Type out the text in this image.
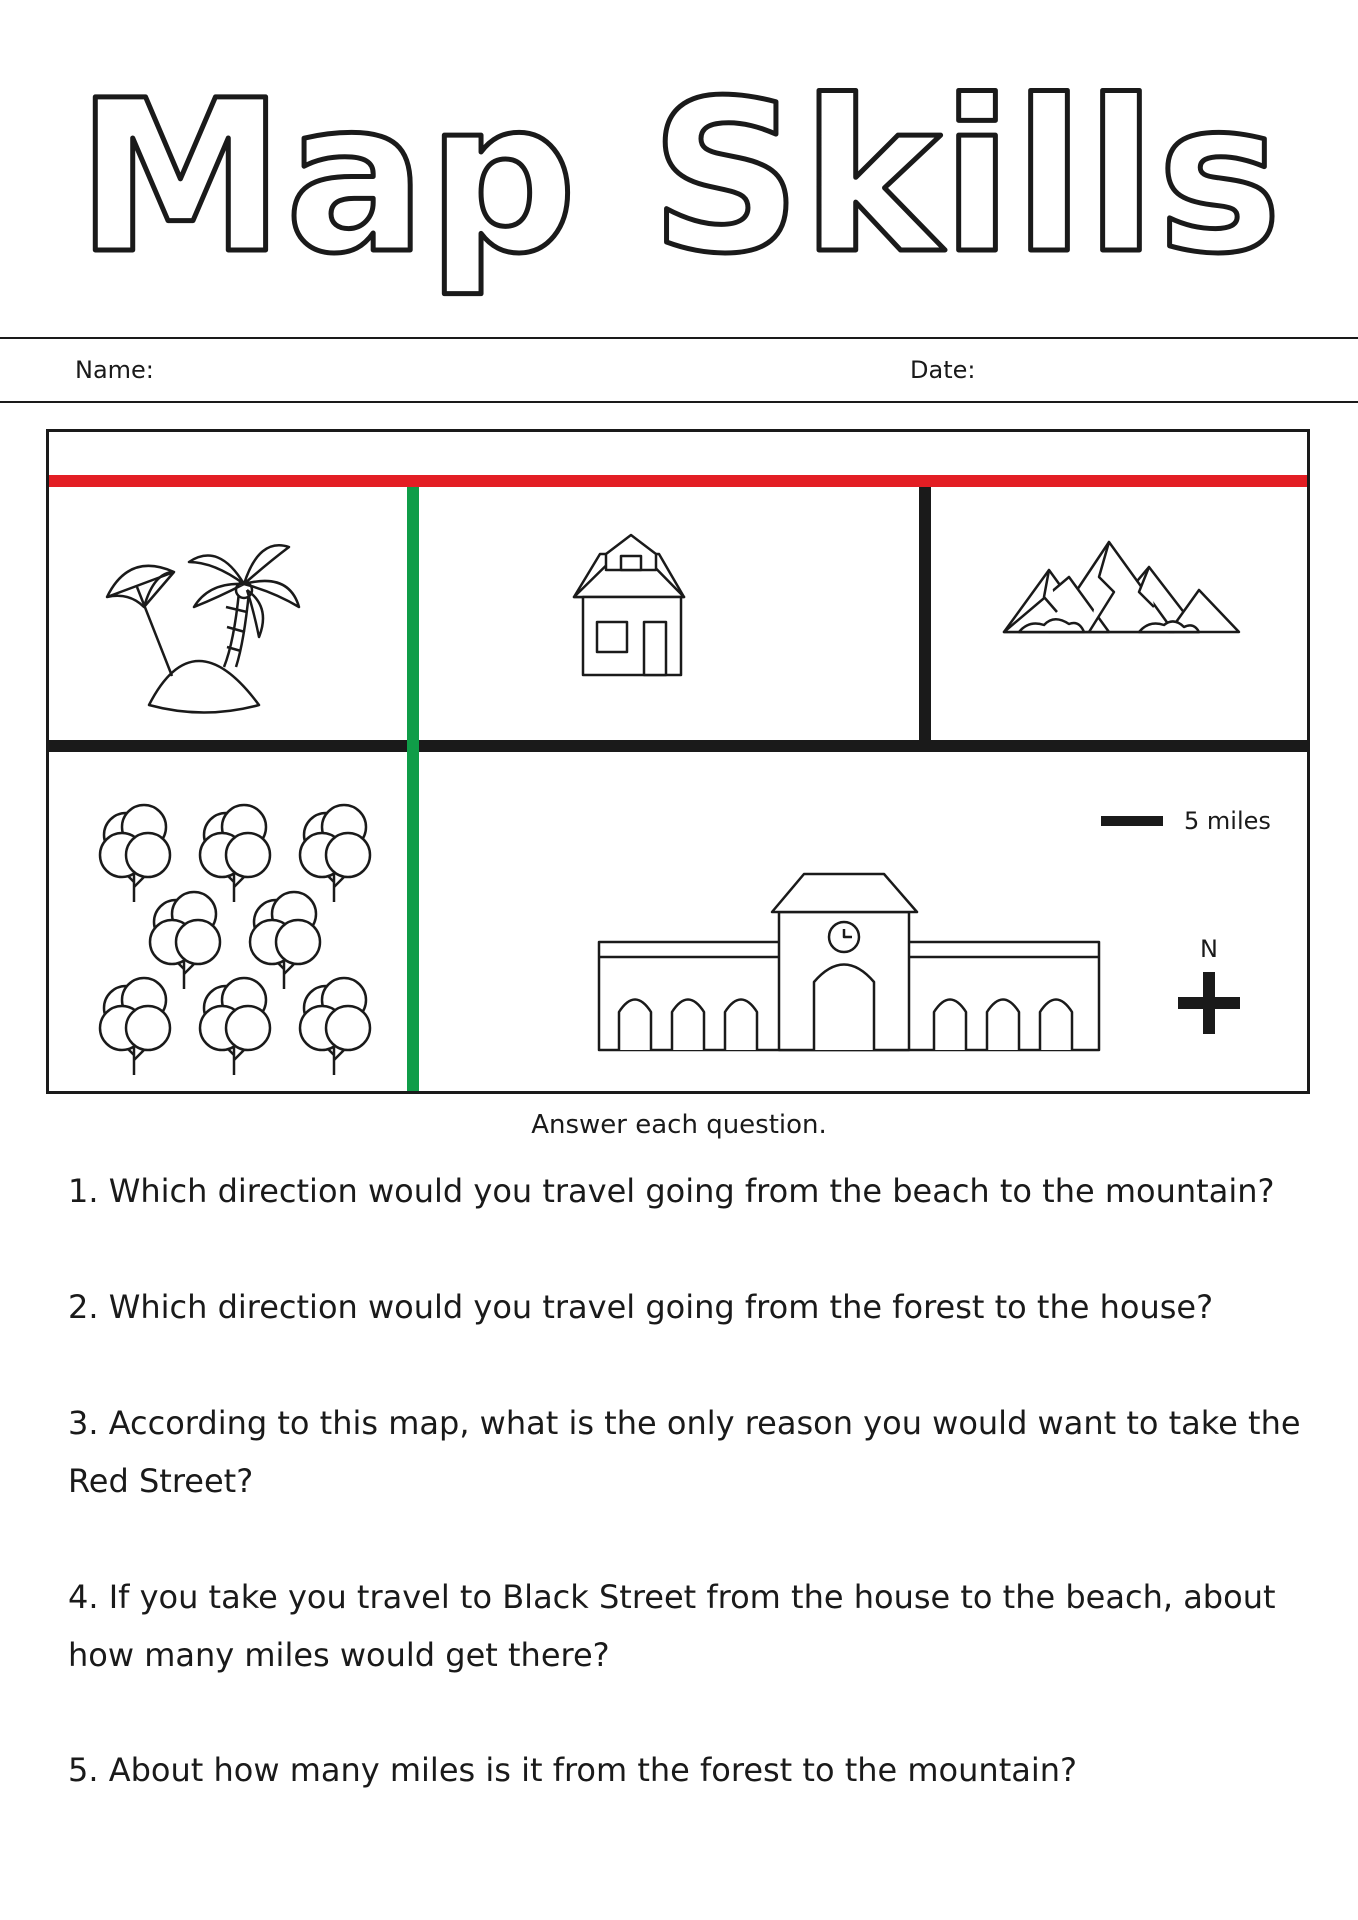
Map Skills
Name:	Date:
5 miles
N
Answer each question.
1. Which direction would you travel going from the beach to the mountain?
2. Which direction would you travel going from the forest to the house?
3. According to this map, what is the only reason you would want to take the Red Street?
4. If you take you travel to Black Street from the house to the beach, about how many miles would get there?
5. About how many miles is it from the forest to the mountain?
